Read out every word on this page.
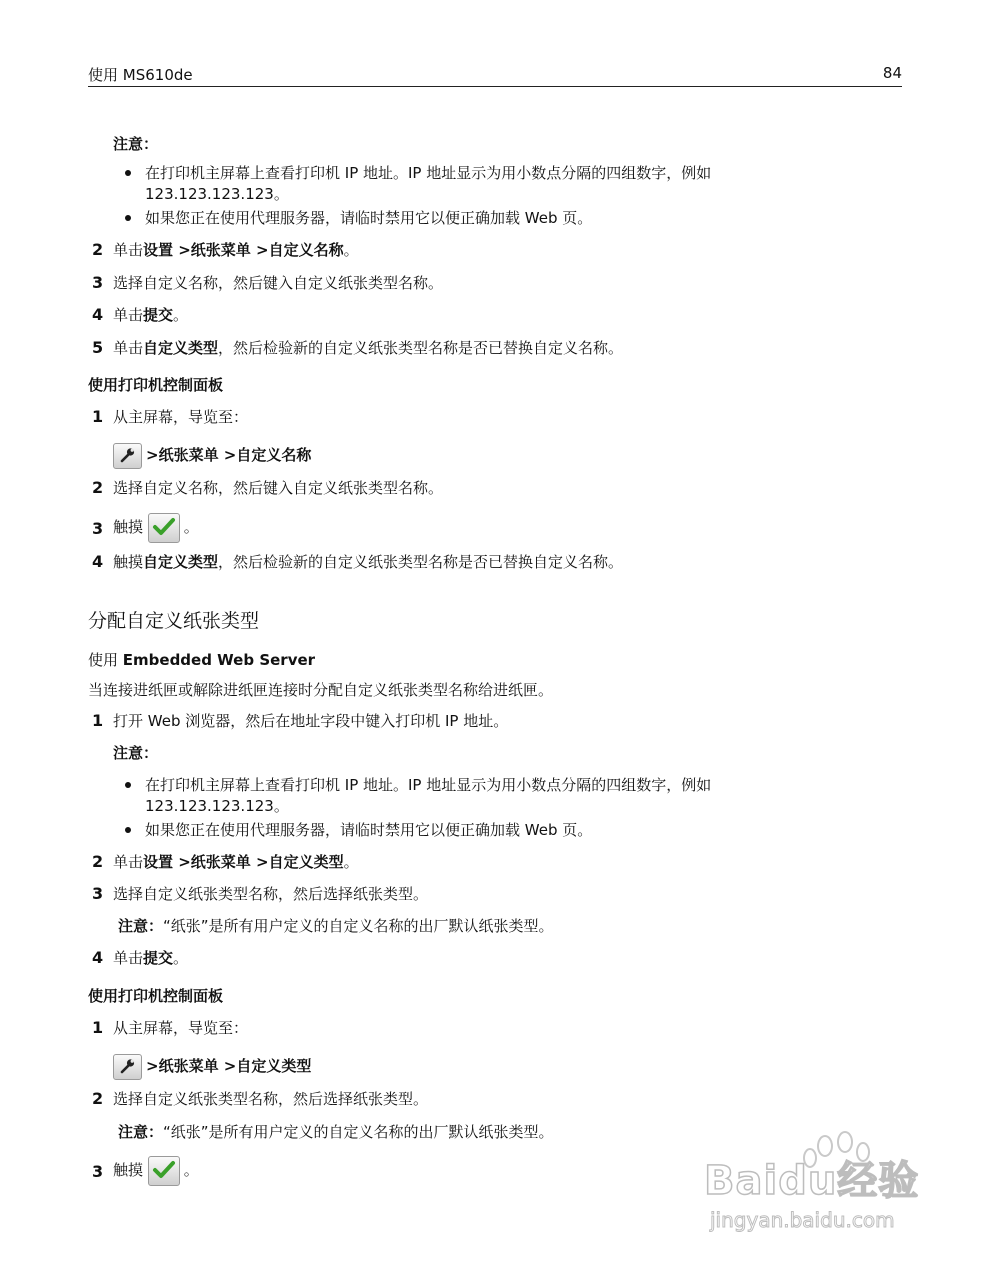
使用 MS610de	84
注意：
在打印机主屏幕上查看打印机 IP 地址。IP 地址显示为用小数点分隔的四组数字，例如
123.123.123.123。
如果您正在使用代理服务器，请临时禁用它以便正确加载 Web 页。
2 单击设置 >纸张菜单 >自定义名称。
3 选择自定义名称，然后键入自定义纸张类型名称。
4 单击提交。
5 单击自定义类型，然后检验新的自定义纸张类型名称是否已替换自定义名称。
使用打印机控制面板
1 从主屏幕，导览至：
>纸张菜单 >自定义名称
2 选择自定义名称，然后键入自定义纸张类型名称。
3 触摸	。
4 触摸自定义类型，然后检验新的自定义纸张类型名称是否已替换自定义名称。
分配自定义纸张类型
使用 Embedded Web Server
当连接进纸匣或解除进纸匣连接时分配自定义纸张类型名称给进纸匣。
1 打开 Web 浏览器，然后在地址字段中键入打印机 IP 地址。
注意：
在打印机主屏幕上查看打印机 IP 地址。IP 地址显示为用小数点分隔的四组数字，例如
123.123.123.123。
如果您正在使用代理服务器，请临时禁用它以便正确加载 Web 页。
2 单击设置 >纸张菜单 >自定义类型。
3 选择自定义纸张类型名称，然后选择纸张类型。
注意：“纸张”是所有用户定义的自定义名称的出厂默认纸张类型。
4 单击提交。
使用打印机控制面板
1 从主屏幕，导览至：
>纸张菜单 >自定义类型
2 选择自定义纸张类型名称，然后选择纸张类型。
注意：“纸张”是所有用户定义的自定义名称的出厂默认纸张类型。
3 触摸	。	Baidu经验
jingyan.baidu.com
